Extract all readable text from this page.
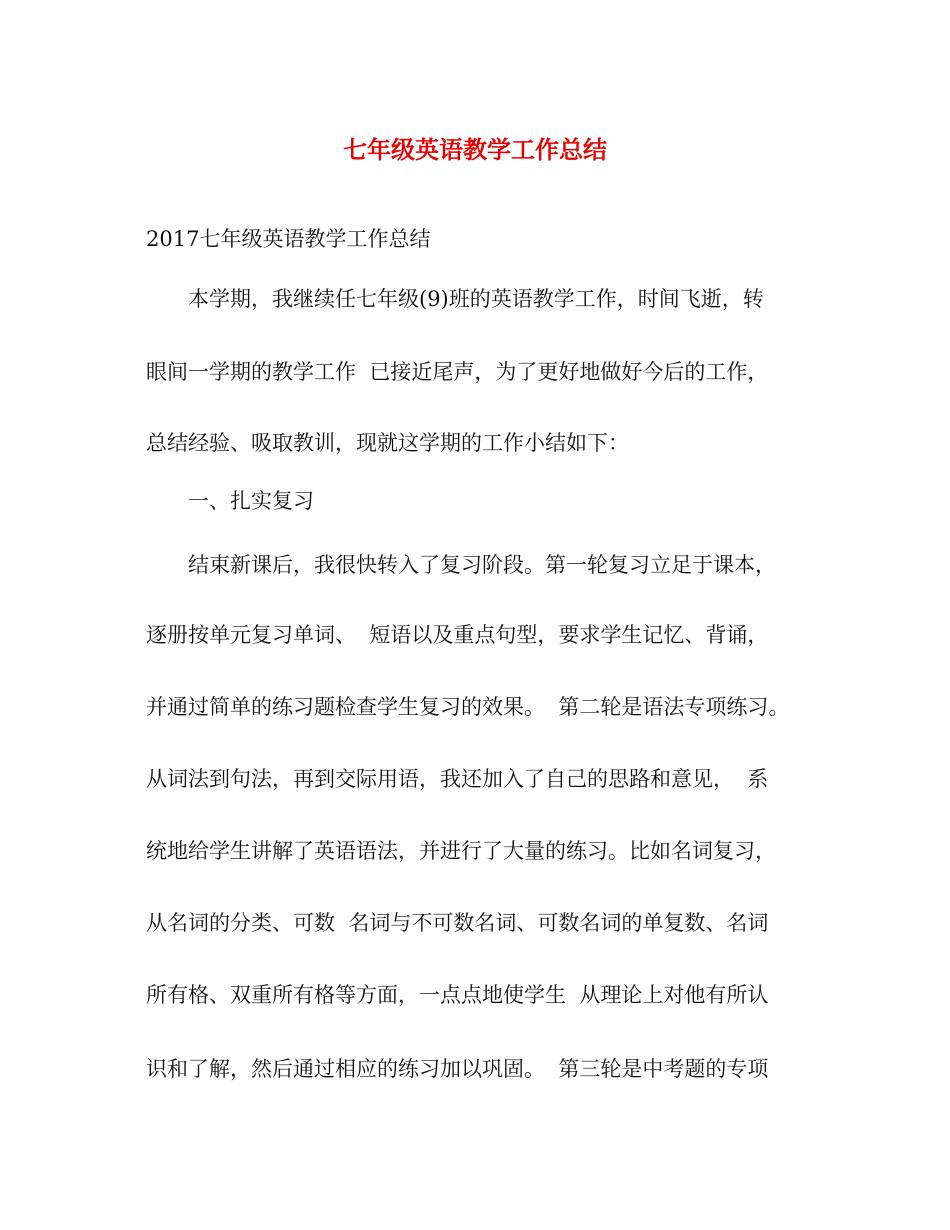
七年级英语教学工作总结
2017七年级英语教学工作总结
　　本学期，我继续任七年级(9)班的英语教学工作，时间飞逝，转
眼间一学期的教学工作  已接近尾声，为了更好地做好今后的工作，
总结经验、吸取教训，现就这学期的工作小结如下：
　　一、扎实复习
　　结束新课后，我很快转入了复习阶段。第一轮复习立足于课本，
逐册按单元复习单词、  短语以及重点句型，要求学生记忆、背诵，
并通过简单的练习题检查学生复习的效果。  第二轮是语法专项练习。
从词法到句法，再到交际用语，我还加入了自己的思路和意见，  系
统地给学生讲解了英语语法，并进行了大量的练习。比如名词复习，
从名词的分类、可数  名词与不可数名词、可数名词的单复数、名词
所有格、双重所有格等方面，一点点地使学生  从理论上对他有所认
识和了解，然后通过相应的练习加以巩固。  第三轮是中考题的专项
